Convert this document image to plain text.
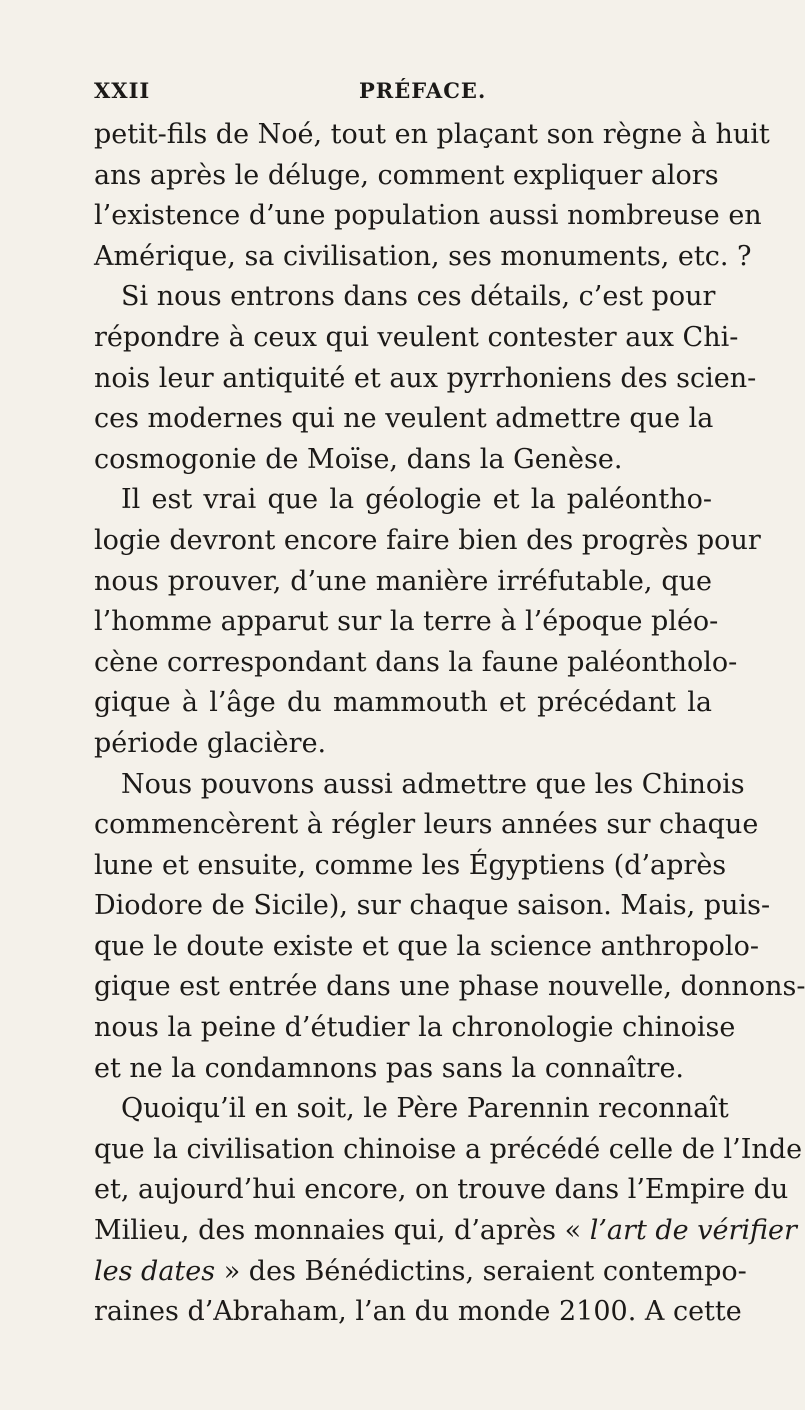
XXII	PRÉFACE.
petit-fils de Noé, tout en plaçant son règne à huit
ans après le déluge, comment expliquer alors
l’existence d’une population aussi nombreuse en
Amérique, sa civilisation, ses monuments, etc. ?
Si nous entrons dans ces détails, c’est pour
répondre à ceux qui veulent contester aux Chi-
nois leur antiquité et aux pyrrhoniens des scien-
ces modernes qui ne veulent admettre que la
cosmogonie de Moïse, dans la Genèse.
Il est vrai que la géologie et la paléontho-
logie devront encore faire bien des progrès pour
nous prouver, d’une manière irréfutable, que
l’homme apparut sur la terre à l’époque pléo-
cène correspondant dans la faune paléontholo-
gique à l’âge du mammouth et précédant la
période glacière.
Nous pouvons aussi admettre que les Chinois
commencèrent à régler leurs années sur chaque
lune et ensuite, comme les Égyptiens (d’après
Diodore de Sicile), sur chaque saison. Mais, puis-
que le doute existe et que la science anthropolo-
gique est entrée dans une phase nouvelle, donnons-
nous la peine d’étudier la chronologie chinoise
et ne la condamnons pas sans la connaître.
Quoiqu’il en soit, le Père Parennin reconnaît
que la civilisation chinoise a précédé celle de l’Inde
et, aujourd’hui encore, on trouve dans l’Empire du
Milieu, des monnaies qui, d’après « l’art de vérifier
les dates » des Bénédictins, seraient contempo-
raines d’Abraham, l’an du monde 2100. A cette
